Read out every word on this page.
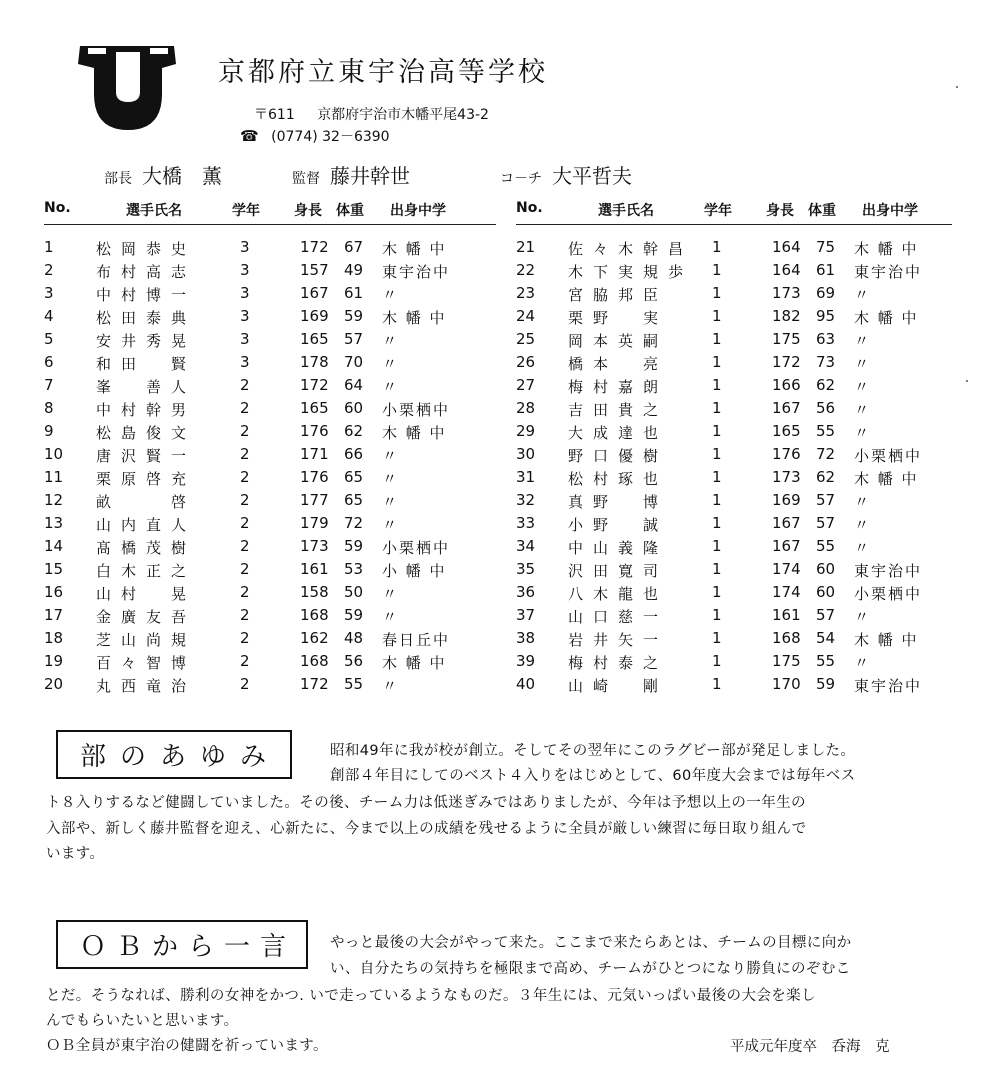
京都府立東宇治高等学校
〒611 京都府宇治市木幡平尾43-2
☎ (0774) 32－6390
部長 大橋　薫	監督 藤井幹世	コ－チ 大平哲夫
No.	選手氏名	学年 身長 体重 出身中学
1	松岡恭史	3	172 67 木 幡 中
2	布村高志	3	157 49 東宇治中
3	中村博一	3	167 61 〃
4	松田泰典	3	169 59 木 幡 中
5	安井秀晃	3	165 57 〃
6	和田　賢	3	178 70 〃
7	峯　善人	2	172 64 〃
8	中村幹男	2	165 60 小栗栖中
9	松島俊文	2	176 62 木 幡 中
10 唐沢賢一	2	171 66 〃
11 栗原啓充	2	176 65 〃
12 畝　　啓	2	177 65 〃
13 山内直人	2	179 72 〃
14 髙橋茂樹	2	173 59 小栗栖中
15 白木正之	2	161 53 小 幡 中
16 山村　晃	2	158 50 〃
17 金廣友吾	2	168 59 〃
18 芝山尚規	2	162 48 春日丘中
19 百々智博	2	168 56 木 幡 中
20 丸西竜治	2	172 55 〃
No.	選手氏名	学年 身長 体重 出身中学
21 佐々木幹昌	1	164 75 木 幡 中
22 木下実規歩	1	164 61 東宇治中
23 宮脇邦臣	1	173 69 〃
24 栗野　実	1	182 95 木 幡 中
25 岡本英嗣	1	175 63 〃
26 橋本　亮	1	172 73 〃
27 梅村嘉朗	1	166 62 〃
28 吉田貴之	1	167 56 〃
29 大成達也	1	165 55 〃
30 野口優樹	1	176 72 小栗栖中
31 松村琢也	1	173 62 木 幡 中
32 真野　博	1	169 57 〃
33 小野　誠	1	167 57 〃
34 中山義隆	1	167 55 〃
35 沢田寛司	1	174 60 東宇治中
36 八木龍也	1	174 60 小栗栖中
37 山口慈一	1	161 57 〃
38 岩井矢一	1	168 54 木 幡 中
39 梅村泰之	1	175 55 〃
40 山崎　剛	1	170 59 東宇治中
部のあゆみ	昭和49年に我が校が創立。そしてその翌年にこのラグビー部が発足しました。
創部４年目にしてのベスト４入りをはじめとして、60年度大会までは毎年ベス
ト８入りするなど健闘していました。その後、チーム力は低迷ぎみではありましたが、今年は予想以上の一年生の
入部や、新しく藤井監督を迎え、心新たに、今まで以上の成績を残せるように全員が厳しい練習に毎日取り組んで
います。
ＯＢから一言	やっと最後の大会がやって来た。ここまで来たらあとは、チームの目標に向か
い、自分たちの気持ちを極限まで高め、チームがひとつになり勝負にのぞむこ
とだ。そうなれば、勝利の女神をかつ. いで走っているようなものだ。３年生には、元気いっぱい最後の大会を楽し
んでもらいたいと思います。
ＯＢ全員が東宇治の健闘を祈っています。	平成元年度卒　呑海　克
